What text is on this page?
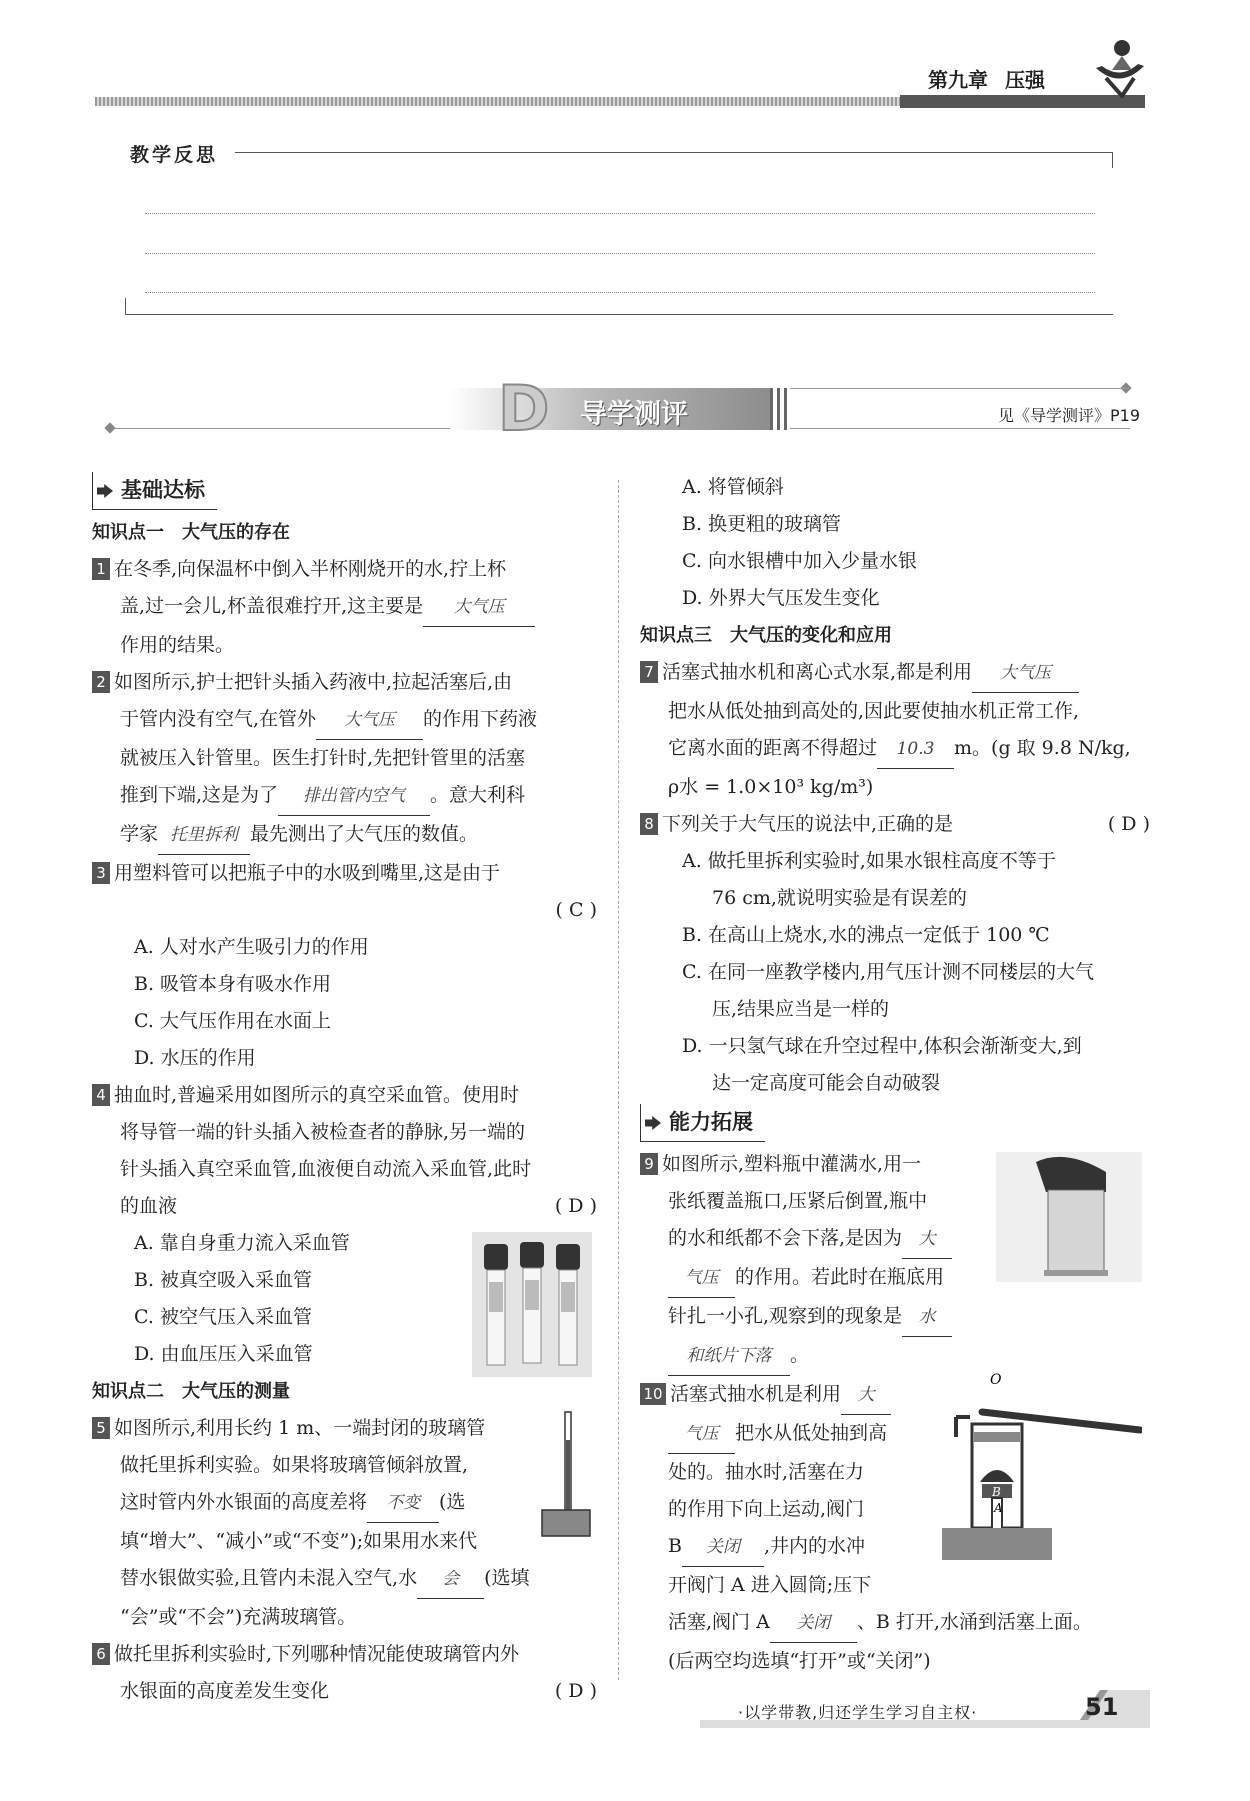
第九章 压强
教学反思
D 导学测评	见《导学测评》P19

基础达标

知识点一　大气压的存在

1 在冬季,向保温杯中倒入半杯刚烧开的水,拧上杯

盖,过一会儿,杯盖很难拧开,这主要是 大气压

作用的结果。

2 如图所示,护士把针头插入药液中,拉起活塞后,由

于管内没有空气,在管外 大气压 的作用下药液

就被压入针管里。医生打针时,先把针管里的活塞

推到下端,这是为了 排出管内空气 。意大利科

学家 托里拆利 最先测出了大气压的数值。

3 用塑料管可以把瓶子中的水吸到嘴里,这是由于

( C )

A. 人对水产生吸引力的作用

B. 吸管本身有吸水作用

C. 大气压作用在水面上

D. 水压的作用

4 抽血时,普遍采用如图所示的真空采血管。使用时

将导管一端的针头插入被检查者的静脉,另一端的

针头插入真空采血管,血液便自动流入采血管,此时

的血液	( D )

A. 靠自身重力流入采血管

B. 被真空吸入采血管

C. 被空气压入采血管

D. 由血压压入采血管

知识点二　大气压的测量

5 如图所示,利用长约 1 m、一端封闭的玻璃管

做托里拆利实验。如果将玻璃管倾斜放置,

这时管内外水银面的高度差将 不变 (选

填“增大”、“减小”或“不变”);如果用水来代

替水银做实验,且管内未混入空气,水 会 (选填

“会”或“不会”)充满玻璃管。

6 做托里拆利实验时,下列哪种情况能使玻璃管内外

水银面的高度差发生变化	( D )

A. 将管倾斜

B. 换更粗的玻璃管

C. 向水银槽中加入少量水银

D. 外界大气压发生变化

知识点三　大气压的变化和应用

7 活塞式抽水机和离心式水泵,都是利用 大气压

把水从低处抽到高处的,因此要使抽水机正常工作,

它离水面的距离不得超过 10.3 m。(g 取 9.8 N/kg,

ρ水 = 1.0×10³ kg/m³)

8 下列关于大气压的说法中,正确的是	( D )

A. 做托里拆利实验时,如果水银柱高度不等于

76 cm,就说明实验是有误差的

B. 在高山上烧水,水的沸点一定低于 100 ℃

C. 在同一座教学楼内,用气压计测不同楼层的大气

压,结果应当是一样的

D. 一只氢气球在升空过程中,体积会渐渐变大,到

达一定高度可能会自动破裂

能力拓展

9 如图所示,塑料瓶中灌满水,用一

张纸覆盖瓶口,压紧后倒置,瓶中

的水和纸都不会下落,是因为 大

气压 的作用。若此时在瓶底用

针扎一小孔,观察到的现象是 水

和纸片下落 。

10 活塞式抽水机是利用 大

气压 把水从低处抽到高

处的。抽水时,活塞在力

的作用下向上运动,阀门

B 关闭 ,井内的水冲

开阀门 A 进入圆筒;压下

活塞,阀门 A 关闭 、B 打开,水涌到活塞上面。

(后两空均选填“打开”或“关闭”)

O
B
A
·以学带教,归还学生学习自主权·	51
